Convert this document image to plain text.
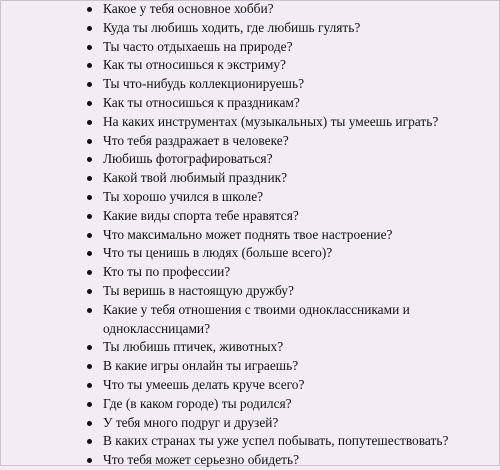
Какое у тебя основное хобби?
Куда ты любишь ходить, где любишь гулять?
Ты часто отдыхаешь на природе?
Как ты относишься к экстриму?
Ты что-нибудь коллекционируешь?
Как ты относишься к праздникам?
На каких инструментах (музыкальных) ты умеешь играть?
Что тебя раздражает в человеке?
Любишь фотографироваться?
Какой твой любимый праздник?
Ты хорошо учился в школе?
Какие виды спорта тебе нравятся?
Что максимально может поднять твое настроение?
Что ты ценишь в людях (больше всего)?
Кто ты по профессии?
Ты веришь в настоящую дружбу?
Какие у тебя отношения с твоими одноклассниками и одноклассницами?
Ты любишь птичек, животных?
В какие игры онлайн ты играешь?
Что ты умеешь делать круче всего?
Где (в каком городе) ты родился?
У тебя много подруг и друзей?
В каких странах ты уже успел побывать, попутешествовать?
Что тебя может серьезно обидеть?
